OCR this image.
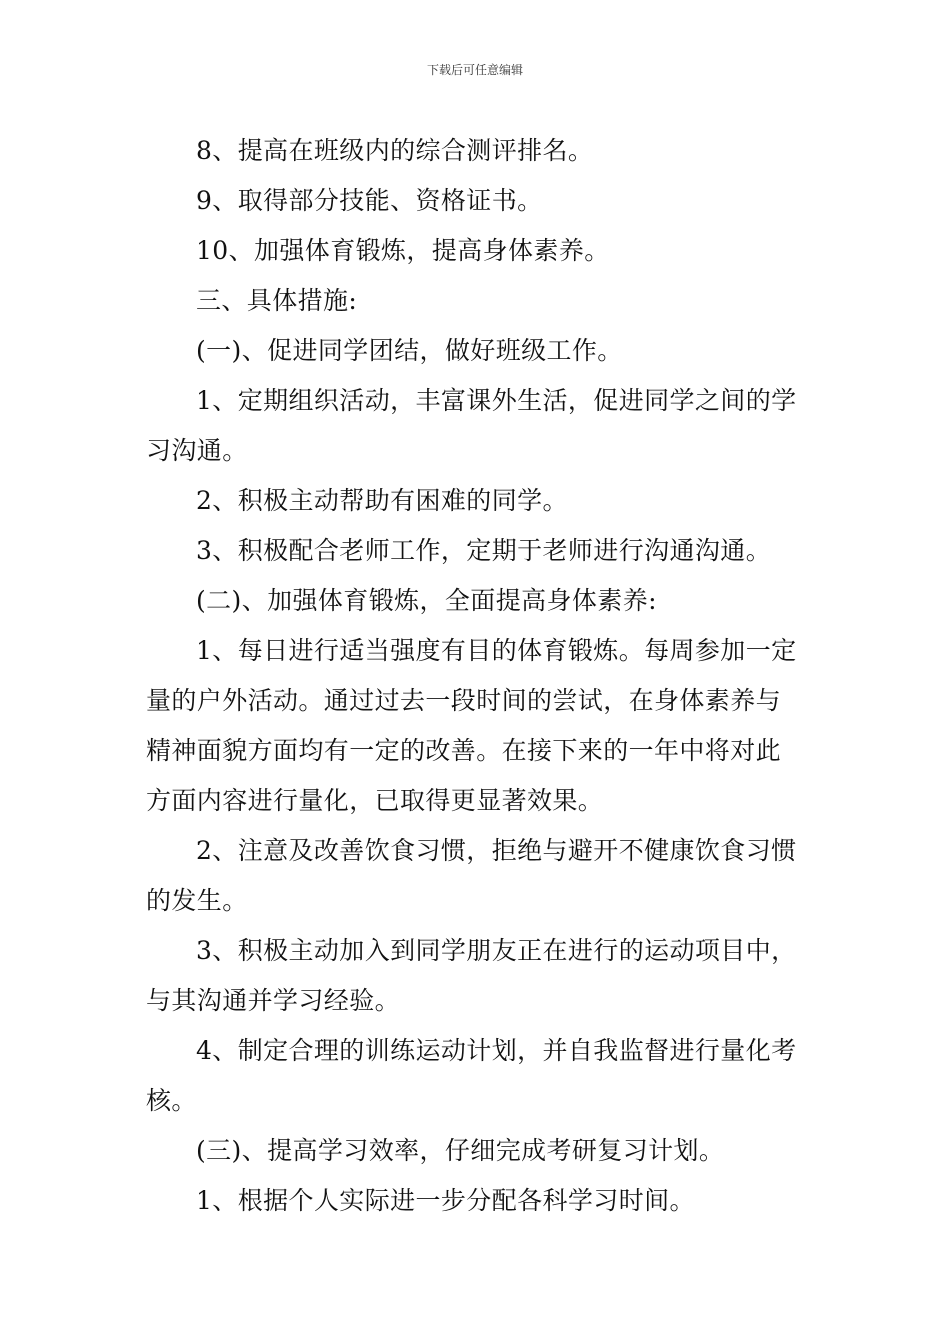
下载后可任意编辑
8、提高在班级内的综合测评排名。
9、取得部分技能、资格证书。
10、加强体育锻炼，提高身体素养。
三、具体措施:
(一)、促进同学团结，做好班级工作。
1、定期组织活动，丰富课外生活，促进同学之间的学
习沟通。
2、积极主动帮助有困难的同学。
3、积极配合老师工作，定期于老师进行沟通沟通。
(二)、加强体育锻炼，全面提高身体素养:
1、每日进行适当强度有目的体育锻炼。每周参加一定
量的户外活动。通过过去一段时间的尝试，在身体素养与
精神面貌方面均有一定的改善。在接下来的一年中将对此
方面内容进行量化，已取得更显著效果。
2、注意及改善饮食习惯，拒绝与避开不健康饮食习惯
的发生。
3、积极主动加入到同学朋友正在进行的运动项目中，
与其沟通并学习经验。
4、制定合理的训练运动计划，并自我监督进行量化考
核。
(三)、提高学习效率，仔细完成考研复习计划。
1、根据个人实际进一步分配各科学习时间。
